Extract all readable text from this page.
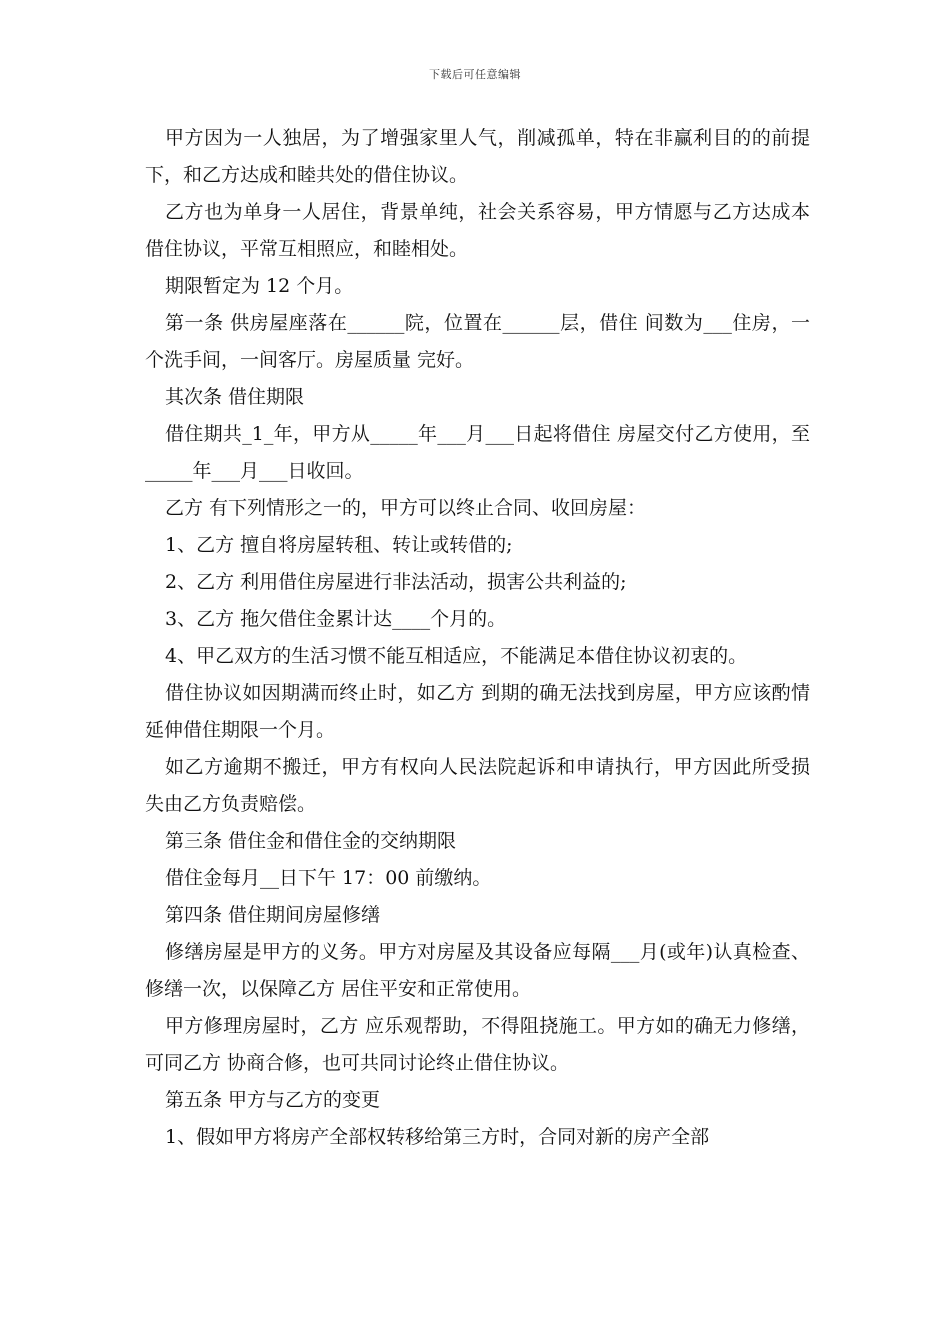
下载后可任意编辑

甲方因为一人独居，为了增强家里人气，削减孤单，特在非赢利目的的前提下，和乙方达成和睦共处的借住协议。

乙方也为单身一人居住，背景单纯，社会关系容易，甲方情愿与乙方达成本借住协议，平常互相照应，和睦相处。

期限暂定为 12 个月。

第一条 供房屋座落在______院，位置在______层，借住 间数为___住房，一个洗手间，一间客厅。房屋质量 完好。

其次条 借住期限

借住期共_1_年，甲方从_____年___月___日起将借住 房屋交付乙方使用，至_____年___月___日收回。

乙方 有下列情形之一的，甲方可以终止合同、收回房屋：

1、乙方 擅自将房屋转租、转让或转借的;

2、乙方 利用借住房屋进行非法活动，损害公共利益的;

3、乙方 拖欠借住金累计达____个月的。

4、甲乙双方的生活习惯不能互相适应，不能满足本借住协议初衷的。

借住协议如因期满而终止时，如乙方 到期的确无法找到房屋，甲方应该酌情延伸借住期限一个月。

如乙方逾期不搬迁，甲方有权向人民法院起诉和申请执行，甲方因此所受损失由乙方负责赔偿。

第三条 借住金和借住金的交纳期限

借住金每月__日下午 17：00 前缴纳。

第四条 借住期间房屋修缮

修缮房屋是甲方的义务。甲方对房屋及其设备应每隔___月(或年)认真检查、修缮一次，以保障乙方 居住平安和正常使用。

甲方修理房屋时，乙方 应乐观帮助，不得阻挠施工。甲方如的确无力修缮，可同乙方 协商合修，也可共同讨论终止借住协议。

第五条 甲方与乙方的变更

1、假如甲方将房产全部权转移给第三方时，合同对新的房产全部
